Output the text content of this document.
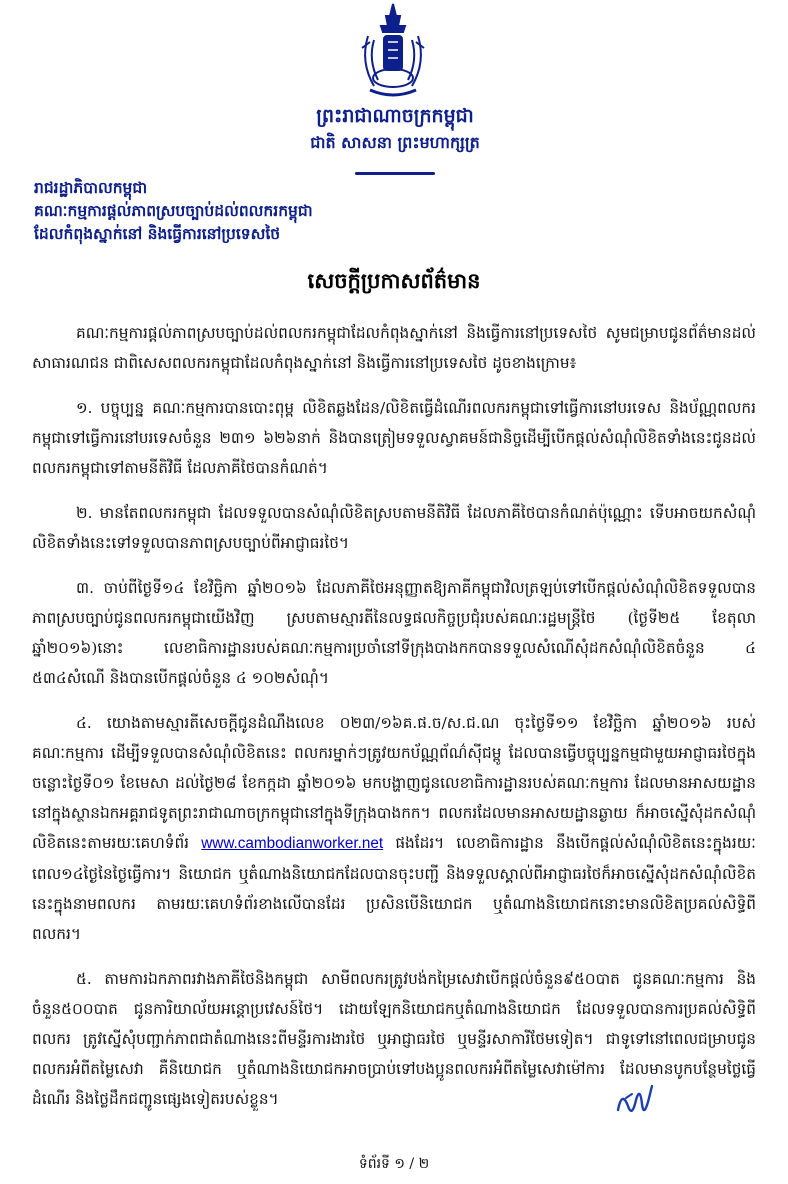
ព្រះរាជាណាចក្រកម្ពុជា
ជាតិ សាសនា ព្រះមហាក្សត្រ
រាជរដ្ឋាភិបាលកម្ពុជា
គណៈកម្មការផ្តល់ភាពស្របច្បាប់ដល់ពលករកម្ពុជា
ដែលកំពុងស្នាក់នៅ និងធ្វើការនៅប្រទេសថៃ
សេចក្តីប្រកាសព័ត៌មាន

គណៈកម្មការផ្តល់ភាពស្របច្បាប់ដល់ពលករកម្ពុជាដែលកំពុងស្នាក់នៅ និងធ្វើការនៅប្រទេសថៃ សូមជម្រាបជូនព័ត៌មានដល់សាធារណជន ជាពិសេសពលករកម្ពុជាដែលកំពុងស្នាក់នៅ និងធ្វើការនៅប្រទេសថៃ ដូចខាងក្រោម៖

១. បច្ចុប្បន្ន គណៈកម្មការបានបោះពុម្ព លិខិតឆ្លងដែន/លិខិតធ្វើដំណើរពលករកម្ពុជាទៅធ្វើការនៅបរទេស និងប័ណ្ណពលករកម្ពុជាទៅធ្វើការនៅបរទេសចំនួន ២៣១ ៦២៦នាក់ និងបានត្រៀមទទួលស្វាគមន៍ជានិច្ចដើម្បីបើកផ្តល់សំណុំលិខិតទាំងនេះជូនដល់ពលករកម្ពុជាទៅតាមនីតិវិធី ដែលភាគីថៃបានកំណត់។

២. មានតែពលករកម្ពុជា ដែលទទួលបានសំណុំលិខិតស្របតាមនីតិវិធី ដែលភាគីថៃបានកំណត់ប៉ុណ្ណោះ ទើបអាចយកសំណុំលិខិតទាំងនេះទៅទទួលបានភាពស្របច្បាប់ពីអាជ្ញាធរថៃ។

៣. ចាប់ពីថ្ងៃទី១៤ ខែវិច្ឆិកា ឆ្នាំ២០១៦ ដែលភាគីថៃអនុញ្ញាតឱ្យភាគីកម្ពុជាវិលត្រឡប់ទៅបើកផ្តល់សំណុំលិខិតទទួលបានភាពស្របច្បាប់ជូនពលករកម្ពុជាយើងវិញ ស្របតាមស្មារតីនៃលទ្ធផលកិច្ចប្រជុំរបស់គណៈរដ្ឋមន្ត្រីថៃ (ថ្ងៃទី២៥ ខែតុលា ឆ្នាំ២០១៦)នោះ លេខាធិការដ្ឋានរបស់គណៈកម្មការប្រចាំនៅទីក្រុងបាងកកបានទទួលសំណើសុំដកសំណុំលិខិតចំនួន ៤ ៥៣៤សំណើ និងបានបើកផ្តល់ចំនួន ៤ ១០២សំណុំ។

៤. យោងតាមស្មារតីសេចក្តីជូនដំណឹងលេខ ០២៣/១៦គ.ផ.ច/ស.ជ.ណ ចុះថ្ងៃទី១១ ខែវិច្ឆិកា ឆ្នាំ២០១៦ របស់គណៈកម្មការ ដើម្បីទទួលបានសំណុំលិខិតនេះ ពលករម្នាក់ៗត្រូវយកប័ណ្ណព័ណ៌ស៊ីជម្ពូ ដែលបានធ្វើបច្ចុប្បន្នកម្មជាមួយអាជ្ញាធរថៃក្នុងចន្លោះថ្ងៃទី០១ ខែមេសា ដល់ថ្ងៃ២៨ ខែកក្កដា ឆ្នាំ២០១៦ មកបង្ហាញជូនលេខាធិការដ្ឋានរបស់គណៈកម្មការ ដែលមានអាសយដ្ឋាននៅក្នុងស្ថានឯកអគ្គរាជទូតព្រះរាជាណាចក្រកម្ពុជានៅក្នុងទីក្រុងបាងកក។ ពលករដែលមានអាសយដ្ឋានឆ្ងាយ ក៏អាចស្នើសុំដកសំណុំលិខិតនេះតាមរយៈគេហទំព័រ www.cambodianworker.net ផងដែរ។ លេខាធិការដ្ឋាន នឹងបើកផ្តល់សំណុំលិខិតនេះក្នុងរយៈពេល១៤ថ្ងៃនៃថ្ងៃធ្វើការ។ និយោជក ឬតំណាងនិយោជកដែលបានចុះបញ្ជី និងទទួលស្គាល់ពីអាជ្ញាធរថៃក៏អាចស្នើសុំដកសំណុំលិខិតនេះក្នុងនាមពលករ តាមរយៈគេហទំព័រខាងលើបានដែរ ប្រសិនបើនិយោជក ឬតំណាងនិយោជកនោះមានលិខិតប្រគល់សិទ្ធិពីពលករ។

៥. តាមការឯកភាពរវាងភាគីថៃនិងកម្ពុជា សាមីពលករត្រូវបង់កម្រៃសេវាបើកផ្តល់ចំនួន៩៥០បាត ជូនគណៈកម្មការ និងចំនួន៥០០បាត ជូនការិយាល័យអន្តោប្រវេសន៍ថៃ។ ដោយឡែកនិយោជកឬតំណាងនិយោជក ដែលទទួលបានការប្រគល់សិទ្ធិពីពលករ ត្រូវស្នើសុំបញ្ជាក់ភាពជាតំណាងនេះពីមន្ទីរការងារថៃ ឬអាជ្ញាធរថៃ ឬមន្ទីរសាការីថែមទៀត។ ជាទូទៅនៅពេលជម្រាបជូនពលករអំពីតម្លៃសេវា គឺនិយោជក ឬតំណាងនិយោជកអាចប្រាប់ទៅបងប្អូនពលករអំពីតម្លៃសេវាម៉ៅការ ដែលមានបូកបន្ថែមថ្លៃធ្វើដំណើរ និងថ្លៃដឹកជញ្ជូនផ្សេងទៀតរបស់ខ្លួន។

ទំព័រទី ១ / ២
